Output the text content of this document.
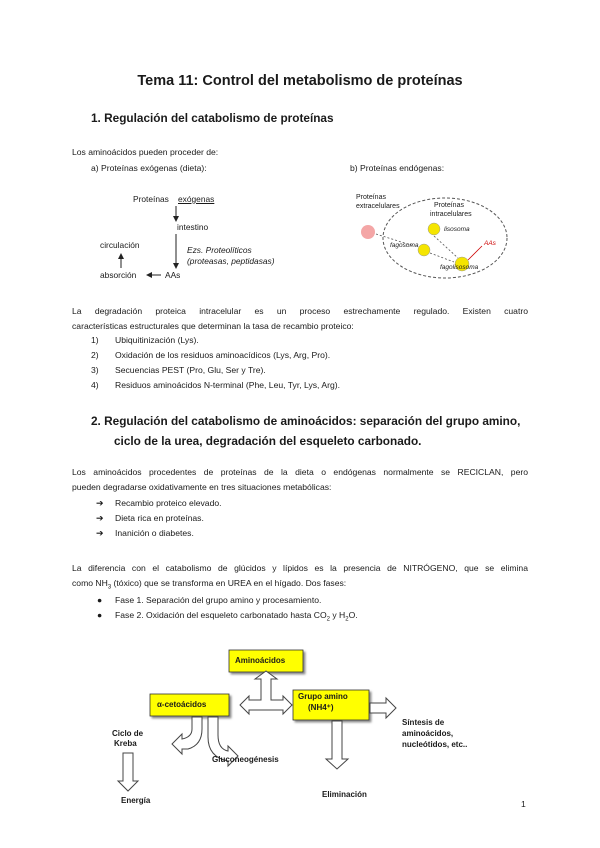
Tema 11: Control del metabolismo de proteínas
1. Regulación del catabolismo de proteínas
Los aminoácidos pueden proceder de:
a) Proteínas exógenas (dieta):	b) Proteínas endógenas:
Proteínas exógenas
intestino
circulación	Ezs. Proteolíticos
(proteasas, peptidasas)
absorción	AAs
Proteínas
extracelulares	Proteínas
intracelulares
lisosoma
fagosoma	AAs
fagolisosoma
La degradación proteica intracelular es un proceso estrechamente regulado. Existen cuatro
características estructurales que determinan la tasa de recambio proteico:
1) Ubiquitinización (Lys).
2) Oxidación de los residuos aminoacídicos (Lys, Arg, Pro).
3) Secuencias PEST (Pro, Glu, Ser y Tre).
4) Residuos aminoácidos N-terminal (Phe, Leu, Tyr, Lys, Arg).
2. Regulación del catabolismo de aminoácidos: separación del grupo amino,
ciclo de la urea, degradación del esqueleto carbonado.
Los aminoácidos procedentes de proteínas de la dieta o endógenas normalmente se RECICLAN, pero
pueden degradarse oxidativamente en tres situaciones metabólicas:
➔ Recambio proteico elevado.
➔ Dieta rica en proteínas.
➔ Inanición o diabetes.
La diferencia con el catabolismo de glúcidos y lípidos es la presencia de NITRÓGENO, que se elimina
como $NH_3$ (tóxico) que se transforma en UREA en el hígado. Dos fases:
● Fase 1. Separación del grupo amino y procesamiento.
● Fase 2. Oxidación del esqueleto carbonatado hasta $CO_2$ y $H_2O$.
Aminoácidos
α-cetoácidos
Grupo amino
(NH4⁺)
Ciclo de
Kreba
Gluconeogénesis
Síntesis de
aminoácidos,
nucleótidos, etc..
Energía
Eliminación
1
